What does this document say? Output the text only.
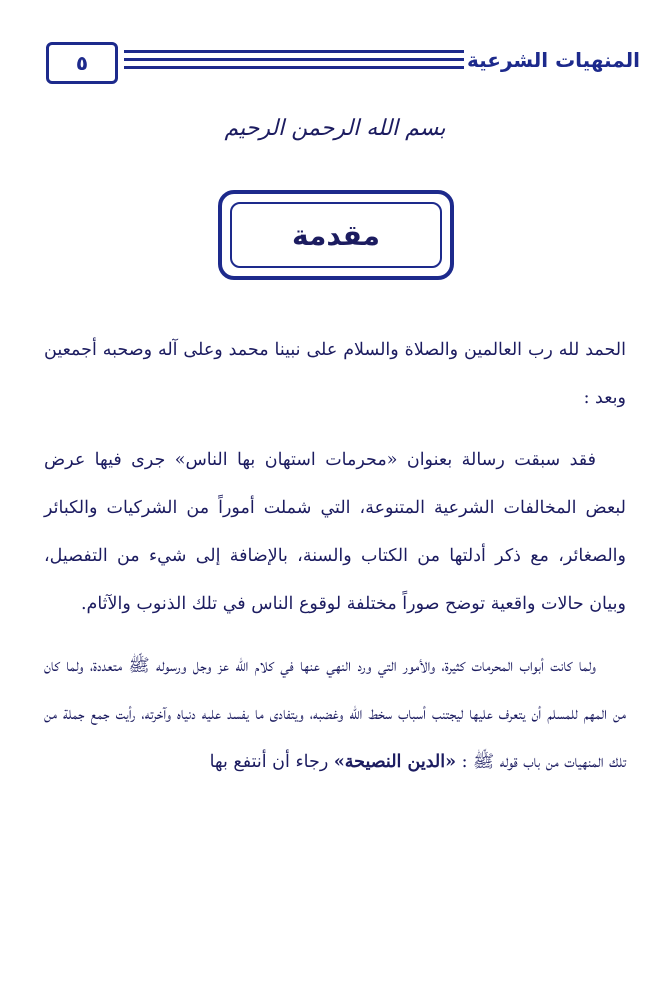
٥	المنهيات الشرعية
بسم الله الرحمن الرحيم
مقدمة

الحمد لله رب العالمين والصلاة والسلام على نبينا محمد وعلى آله وصحبه أجمعين وبعد :

فقد سبقت رسالة بعنوان «محرمات استهان بها الناس» جرى فيها عرض لبعض المخالفات الشرعية المتنوعة، التي شملت أموراً من الشركيات والكبائر والصغائر، مع ذكر أدلتها من الكتاب والسنة، بالإضافة إلى شيء من التفصيل، وبيان حالات واقعية توضح صوراً مختلفة لوقوع الناس في تلك الذنوب والآثام.

ولما كانت أبواب المحرمات كثيرة، والأمور التي ورد النهي عنها في كلام الله عز وجل ورسوله ﷺ متعددة، ولما كان من المهم للمسلم أن يتعرف عليها ليجتنب أسباب سخط الله وغضبه، ويتفادى ما يفسد عليه دنياه وآخرته، رأيت جمع جملة من تلك المنهيات من باب قوله ﷺ : «الدين النصيحة» رجاء أن أنتفع بها
